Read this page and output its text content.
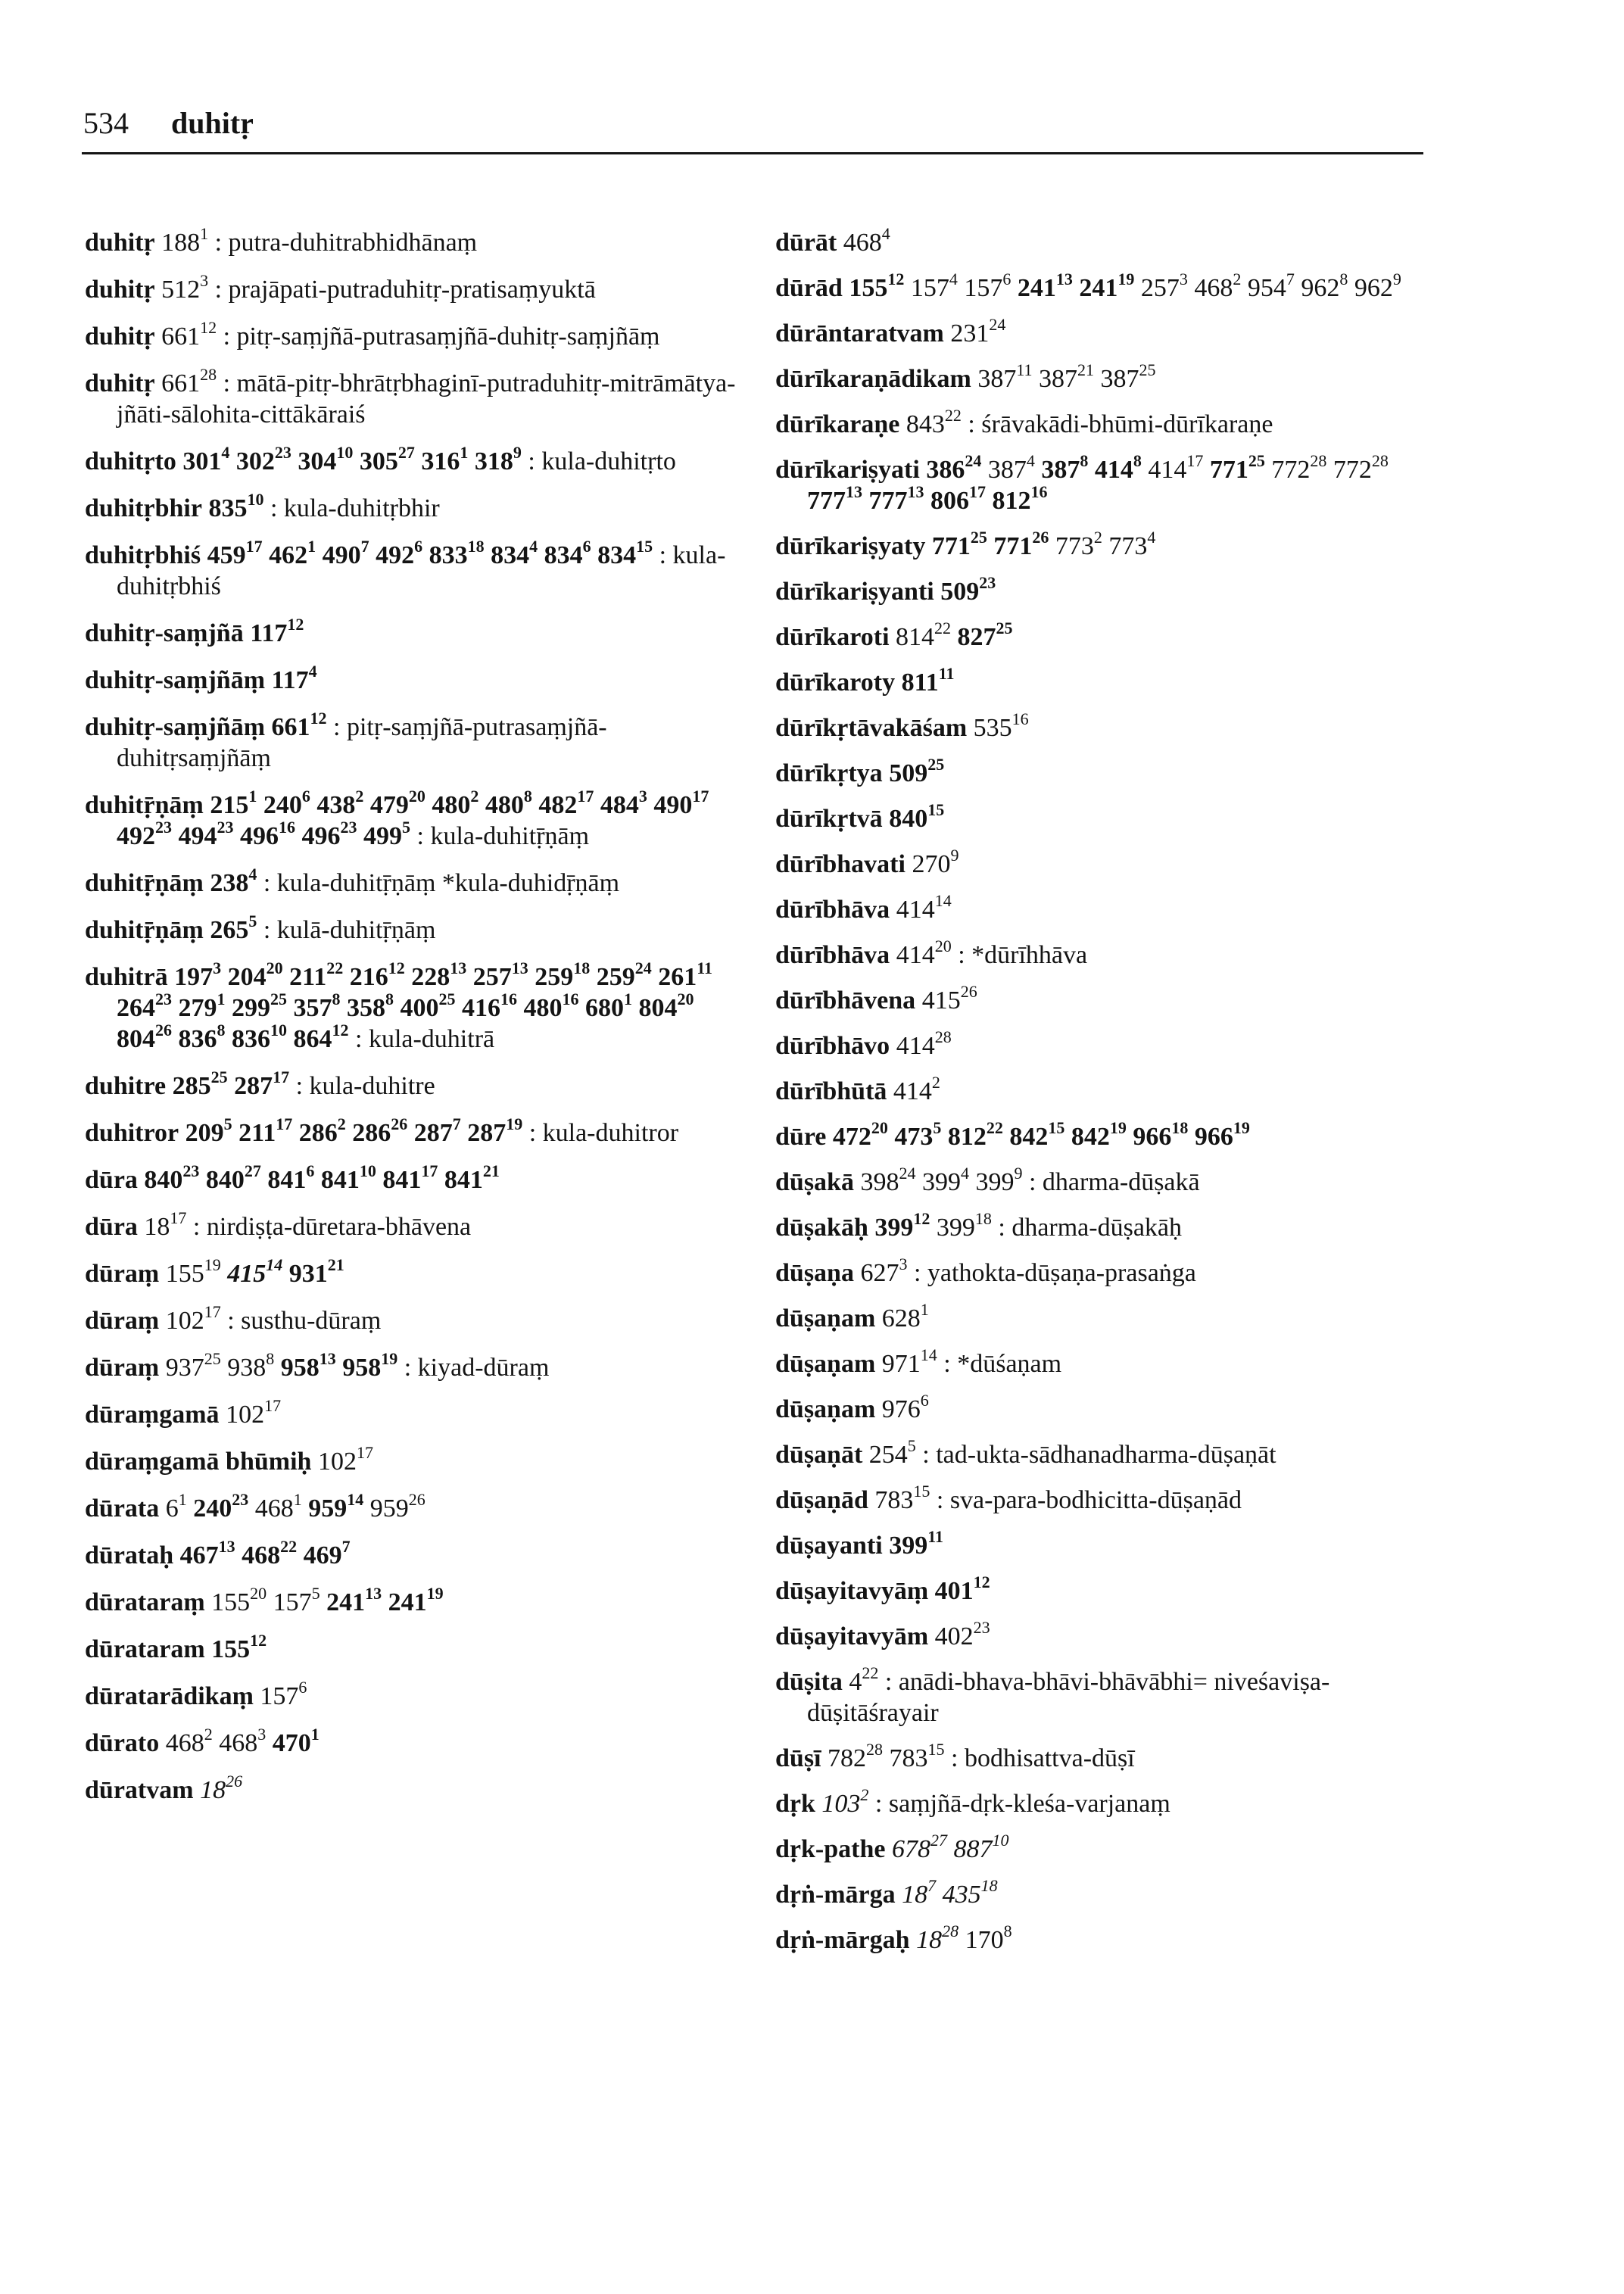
534 duhitṛ
duhitṛ $188^1$ : putra-duhitrabhidhānaṃ
duhitṛ $512^3$ : prajāpati-putraduhitṛ-pratisaṃyuktā
duhitṛ $661^{12}$ : pitṛ-saṃjñā-putrasaṃjñā-duhitṛ-saṃjñāṃ
duhitṛ $661^{28}$ : mātā-pitṛ-bhrātṛbhaginī-putraduhitṛ-mitrāmātya-jñāti-sālohita-cittākāraiś
duhitṛto $301^4$ $302^{23}$ $304^{10}$ $305^{27}$ $316^1$ $318^9$ : kula-duhitṛto
duhitṛbhir $835^{10}$ : kula-duhitṛbhir
duhitṛbhiś $459^{17}$ $462^1$ $490^7$ $492^6$ $833^{18}$ $834^4$ $834^6$ $834^{15}$ : kula-duhitṛbhiś
duhitṛ-saṃjñā $117^{12}$
duhitṛ-saṃjñāṃ $117^4$
duhitṛ-saṃjñāṃ $661^{12}$ : pitṛ-saṃjñā-putrasaṃjñā-duhitṛsaṃjñāṃ
duhitṝṇāṃ $215^1$ $240^6$ $438^2$ $479^{20}$ $480^2$ $480^8$ $482^{17}$ $484^3$ $490^{17}$ $492^{23}$ $494^{23}$ $496^{16}$ $496^{23}$ $499^5$ : kula-duhitṝṇāṃ
duhitṝṇāṃ $238^4$ : kula-duhitṝṇāṃ *kula-duhidṝṇāṃ
duhitṝṇāṃ $265^5$ : kulā-duhitṝṇāṃ
duhitrā $197^3$ $204^{20}$ $211^{22}$ $216^{12}$ $228^{13}$ $257^{13}$ $259^{18}$ $259^{24}$ $261^{11}$ $264^{23}$ $279^1$ $299^{25}$ $357^8$ $358^8$ $400^{25}$ $416^{16}$ $480^{16}$ $680^1$ $804^{20}$ $804^{26}$ $836^8$ $836^{10}$ $864^{12}$ : kula-duhitrā
duhitre $285^{25}$ $287^{17}$ : kula-duhitre
duhitror $209^5$ $211^{17}$ $286^2$ $286^{26}$ $287^7$ $287^{19}$ : kula-duhitror
dūra $840^{23}$ $840^{27}$ $841^6$ $841^{10}$ $841^{17}$ $841^{21}$
dūra $18^{17}$ : nirdiṣṭa-dūretara-bhāvena
dūraṃ $155^{19}$ $415^{14}$ $931^{21}$
dūraṃ $102^{17}$ : susthu-dūraṃ
dūraṃ $937^{25}$ $938^8$ $958^{13}$ $958^{19}$ : kiyad-dūraṃ
dūraṃgamā $102^{17}$
dūraṃgamā bhūmiḥ $102^{17}$
dūrata $6^1$ $240^{23}$ $468^1$ $959^{14}$ $959^{26}$
dūrataḥ $467^{13}$ $468^{22}$ $469^7$
dūrataraṃ $155^{20}$ $157^5$ $241^{13}$ $241^{19}$
dūrataram $155^{12}$
dūratarādikaṃ $157^6$
dūrato $468^2$ $468^3$ $470^1$
dūratvam $18^{26}$
dūrāt $468^4$
dūrād $155^{12}$ $157^4$ $157^6$ $241^{13}$ $241^{19}$ $257^3$ $468^2$ $954^7$ $962^8$ $962^9$
dūrāntaratvam $231^{24}$
dūrīkaraṇādikam $387^{11}$ $387^{21}$ $387^{25}$
dūrīkaraṇe $843^{22}$ : śrāvakādi-bhūmi-dūrīkaraṇe
dūrīkariṣyati $386^{24}$ $387^4$ $387^8$ $414^8$ $414^{17}$ $771^{25}$ $772^{28}$ $772^{28}$ $777^{13}$ $777^{13}$ $806^{17}$ $812^{16}$
dūrīkariṣyaty $771^{25}$ $771^{26}$ $773^2$ $773^4$
dūrīkariṣyanti $509^{23}$
dūrīkaroti $814^{22}$ $827^{25}$
dūrīkaroty $811^{11}$
dūrīkṛtāvakāśam $535^{16}$
dūrīkṛtya $509^{25}$
dūrīkṛtvā $840^{15}$
dūrībhavati $270^9$
dūrībhāva $414^{14}$
dūrībhāva $414^{20}$ : *dūrīhhāva
dūrībhāvena $415^{26}$
dūrībhāvo $414^{28}$
dūrībhūtā $414^2$
dūre $472^{20}$ $473^5$ $812^{22}$ $842^{15}$ $842^{19}$ $966^{18}$ $966^{19}$
dūṣakā $398^{24}$ $399^4$ $399^9$ : dharma-dūṣakā
dūṣakāḥ $399^{12}$ $399^{18}$ : dharma-dūṣakāḥ
dūṣaṇa $627^3$ : yathokta-dūṣaṇa-prasaṅga
dūṣaṇam $628^1$
dūṣaṇam $971^{14}$ : *dūśaṇam
dūṣaṇam $976^6$
dūṣaṇāt $254^5$ : tad-ukta-sādhanadharma-dūṣaṇāt
dūṣaṇād $783^{15}$ : sva-para-bodhicitta-dūṣaṇād
dūṣayanti $399^{11}$
dūṣayitavyāṃ $401^{12}$
dūṣayitavyām $402^{23}$
dūṣita $4^{22}$ : anādi-bhava-bhāvi-bhāvābhi= niveśaviṣa-dūṣitāśrayair
dūṣī $782^{28}$ $783^{15}$ : bodhisattva-dūṣī
dṛk $103^2$ : saṃjñā-dṛk-kleśa-varjanaṃ
dṛk-pathe $678^{27}$ $887^{10}$
dṛṅ-mārga $18^7$ $435^{18}$
dṛṅ-mārgaḥ $18^{28}$ $170^8$
